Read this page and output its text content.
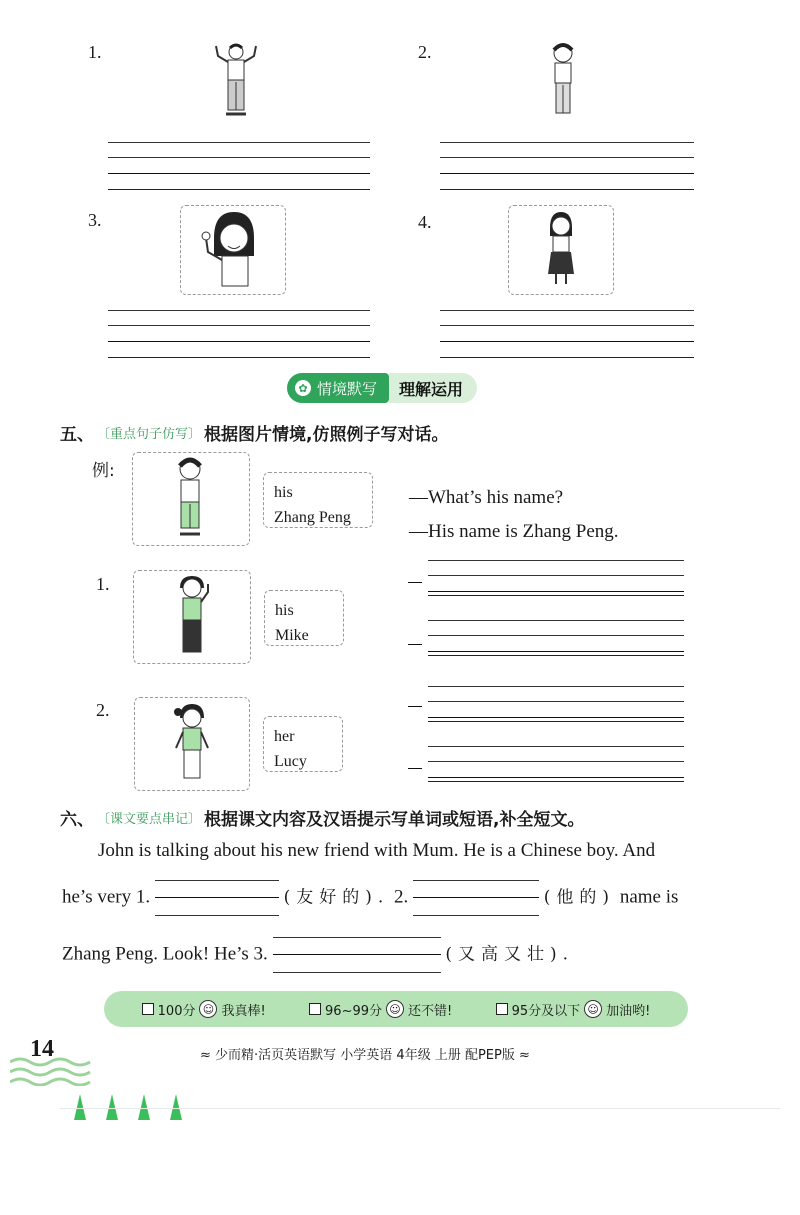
1.	2.
3.	4.
✿ 情境默写	理解运用
五、 〔重点句子仿写〕 根据图片情境,仿照例子写对话。
例:
his
Zhang Peng
—What’s his name?
—His name is Zhang Peng.
1.
his
Mike
2.
her
Lucy
六、 〔课文要点串记〕 根据课文内容及汉语提示写单词或短语,补全短文。
John is talking about his new friend with Mum. He is a Chinese boy. And
he’s very 1.	(友好的). 2.	(他的) name is
Zhang Peng. Look! He’s 3.	(又高又壮).
100分 ☺ 我真棒!	96~99分 ☺ 还不错!	95分及以下 ☺ 加油哟!
14	≈ 少而精·活页英语默写 小学英语 4年级 上册 配PEP版 ≈
